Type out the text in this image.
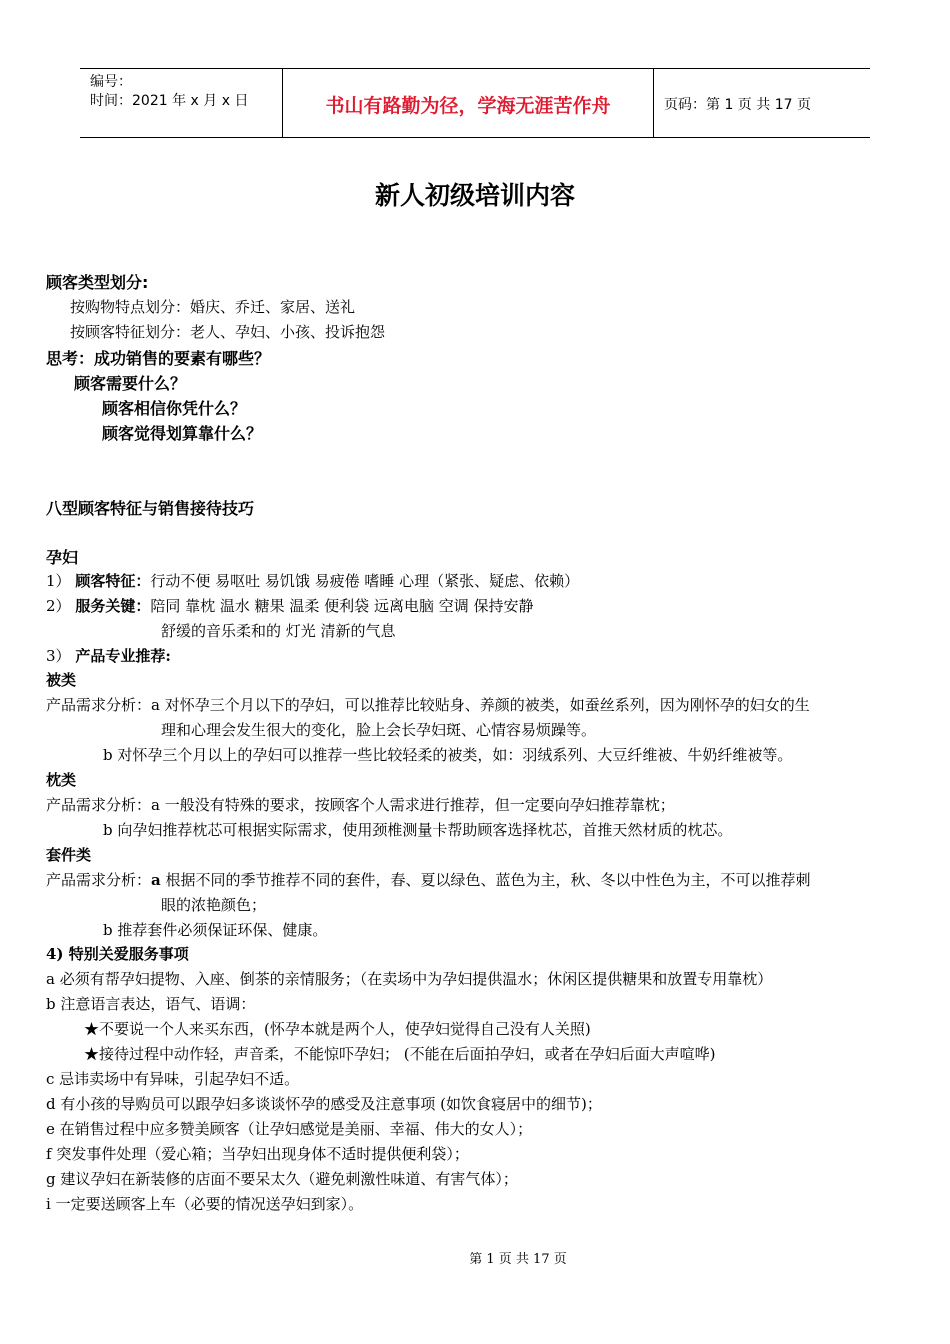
编号：
时间：2021 年 x 月 x 日	书山有路勤为径，学海无涯苦作舟	页码：第 1 页 共 17 页
新人初级培训内容
顾客类型划分:
按购物特点划分：婚庆、乔迁、家居、送礼
按顾客特征划分：老人、孕妇、小孩、投诉抱怨
思考：成功销售的要素有哪些？
顾客需要什么？
顾客相信你凭什么？
顾客觉得划算靠什么？
八型顾客特征与销售接待技巧
孕妇
1） 顾客特征：行动不便 易呕吐 易饥饿 易疲倦 嗜睡 心理（紧张、疑虑、依赖）
2） 服务关键：陪同 靠枕 温水 糖果 温柔 便利袋 远离电脑 空调 保持安静
舒缓的音乐柔和的 灯光 清新的气息
3） 产品专业推荐:
被类
产品需求分析：a 对怀孕三个月以下的孕妇，可以推荐比较贴身、养颜的被类，如蚕丝系列，因为刚怀孕的妇女的生
理和心理会发生很大的变化，脸上会长孕妇斑、心情容易烦躁等。
b 对怀孕三个月以上的孕妇可以推荐一些比较轻柔的被类，如：羽绒系列、大豆纤维被、牛奶纤维被等。
枕类
产品需求分析：a 一般没有特殊的要求，按顾客个人需求进行推荐，但一定要向孕妇推荐靠枕；
b 向孕妇推荐枕芯可根据实际需求，使用颈椎测量卡帮助顾客选择枕芯，首推天然材质的枕芯。
套件类
产品需求分析：a 根据不同的季节推荐不同的套件，春、夏以绿色、蓝色为主，秋、冬以中性色为主，不可以推荐刺
眼的浓艳颜色；
b 推荐套件必须保证环保、健康。
4) 特别关爱服务事项
a 必须有帮孕妇提物、入座、倒茶的亲情服务；（在卖场中为孕妇提供温水；休闲区提供糖果和放置专用靠枕）
b 注意语言表达，语气、语调：
★不要说一个人来买东西，(怀孕本就是两个人，使孕妇觉得自己没有人关照)
★接待过程中动作轻，声音柔，不能惊吓孕妇； (不能在后面拍孕妇，或者在孕妇后面大声喧哗)
c 忌讳卖场中有异味，引起孕妇不适。
d 有小孩的导购员可以跟孕妇多谈谈怀孕的感受及注意事项 (如饮食寝居中的细节)；
e 在销售过程中应多赞美顾客（让孕妇感觉是美丽、幸福、伟大的女人）；
f 突发事件处理（爱心箱；当孕妇出现身体不适时提供便利袋）；
g 建议孕妇在新装修的店面不要呆太久（避免刺激性味道、有害气体）；
i 一定要送顾客上车（必要的情况送孕妇到家）。
第 1 页 共 17 页
